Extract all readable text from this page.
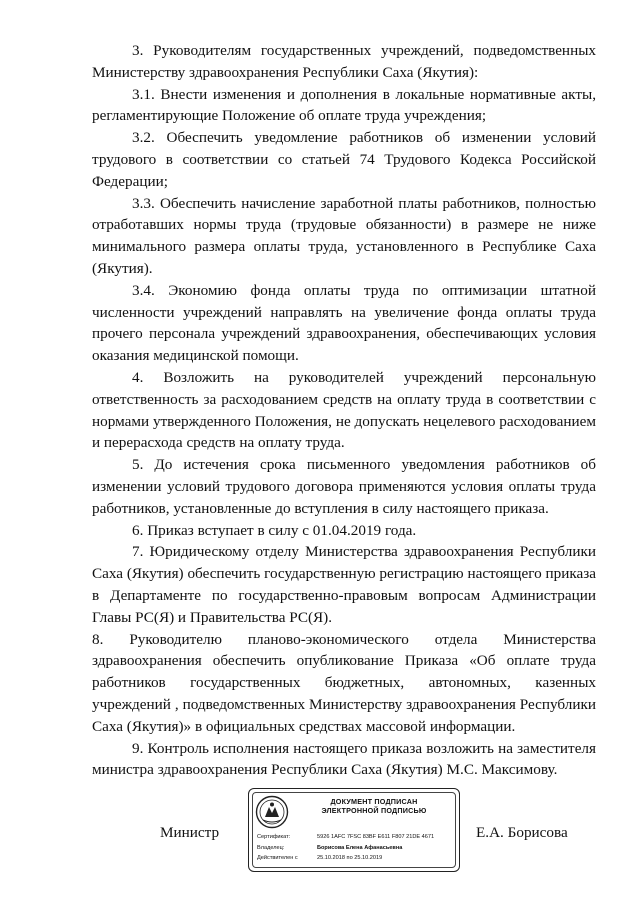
3. Руководителям государственных учреждений, подведомственных Министерству здравоохранения Республики Саха (Якутия):

3.1. Внести изменения и дополнения в локальные нормативные акты, регламентирующие Положение об оплате труда учреждения;

3.2. Обеспечить уведомление работников об изменении условий трудового в соответствии со статьей 74 Трудового Кодекса Российской Федерации;

3.3. Обеспечить начисление заработной платы работников, полностью отработавших нормы труда (трудовые обязанности) в размере не ниже минимального размера оплаты труда, установленного в Республике Саха (Якутия).

3.4. Экономию фонда оплаты труда по оптимизации штатной численности учреждений направлять на увеличение фонда оплаты труда прочего персонала учреждений здравоохранения, обеспечивающих условия оказания медицинской помощи.

4. Возложить на руководителей учреждений персональную ответственность за расходованием средств на оплату труда в соответствии с нормами утвержденного Положения, не допускать нецелевого расходованием и перерасхода средств на оплату труда.

5. До истечения срока письменного уведомления работников об изменении условий трудового договора применяются условия оплаты труда работников, установленные до вступления в силу настоящего приказа.

6. Приказ вступает в силу с 01.04.2019 года.

7. Юридическому отделу Министерства здравоохранения Республики Саха (Якутия) обеспечить государственную регистрацию настоящего приказа в Департаменте по государственно-правовым вопросам Администрации Главы РС(Я) и Правительства РС(Я).

8. Руководителю планово-экономического отдела Министерства здравоохранения обеспечить опубликование Приказа «Об оплате труда работников государственных бюджетных, автономных, казенных учреждений , подведомственных Министерству здравоохранения Республики Саха (Якутия)» в официальных средствах массовой информации.

9. Контроль исполнения настоящего приказа возложить на заместителя министра здравоохранения Республики Саха (Якутия) М.С. Максимову.

Министр
ДОКУМЕНТ ПОДПИСАН
ЭЛЕКТРОННОЙ ПОДПИСЬЮ
Сертификат:	5926 1AFC 7FSC 83BF E611 F807 21DE 4671
Владелец:	Борисова Елена Афанасьевна
Действителен с	25.10.2018 по 25.10.2019
Е.А. Борисова
